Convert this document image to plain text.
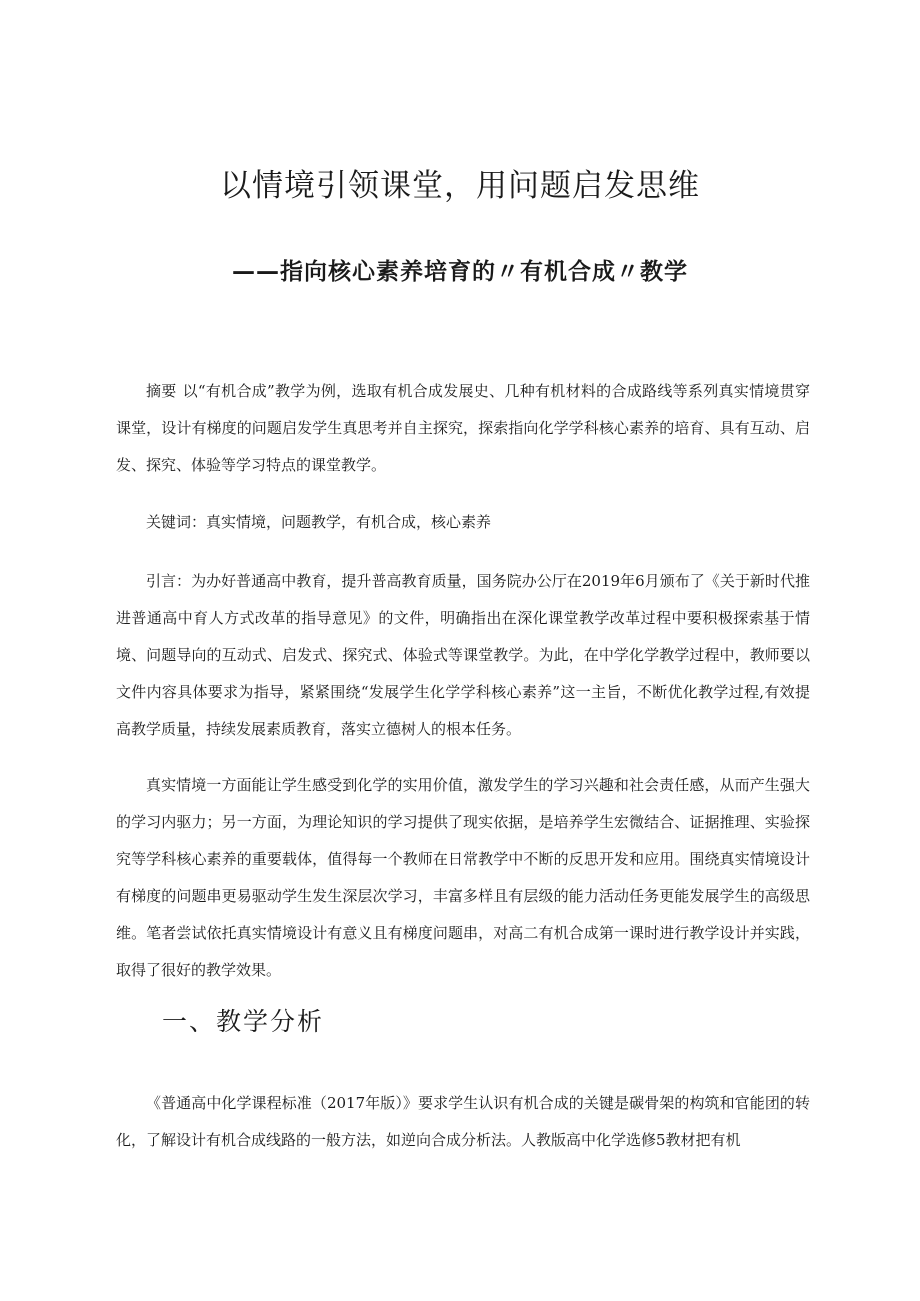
以情境引领课堂，用问题启发思维
——指向核心素养培育的〃有机合成〃教学

摘要 以“有机合成”教学为例，选取有机合成发展史、几种有机材料的合成路线等系列真实情境贯穿课堂，设计有梯度的问题启发学生真思考并自主探究，探索指向化学学科核心素养的培育、具有互动、启发、探究、体验等学习特点的课堂教学。

关键词：真实情境，问题教学，有机合成，核心素养

引言：为办好普通高中教育，提升普高教育质量，国务院办公厅在2019年6月颁布了《关于新时代推进普通高中育人方式改革的指导意见》的文件，明确指出在深化课堂教学改革过程中要积极探索基于情境、问题导向的互动式、启发式、探究式、体验式等课堂教学。为此，在中学化学教学过程中，教师要以文件内容具体要求为指导，紧紧围绕“发展学生化学学科核心素养”这一主旨，不断优化教学过程,有效提高教学质量，持续发展素质教育，落实立德树人的根本任务。

真实情境一方面能让学生感受到化学的实用价值，激发学生的学习兴趣和社会责任感，从而产生强大的学习内驱力；另一方面，为理论知识的学习提供了现实依据，是培养学生宏微结合、证据推理、实验探究等学科核心素养的重要载体，值得每一个教师在日常教学中不断的反思开发和应用。围绕真实情境设计有梯度的问题串更易驱动学生发生深层次学习，丰富多样且有层级的能力活动任务更能发展学生的高级思维。笔者尝试依托真实情境设计有意义且有梯度问题串，对高二有机合成第一课时进行教学设计并实践，取得了很好的教学效果。

一、教学分析

《普通高中化学课程标准（2017年版）》要求学生认识有机合成的关键是碳骨架的构筑和官能团的转化，了解设计有机合成线路的一般方法，如逆向合成分析法。人教版高中化学选修5教材把有机
